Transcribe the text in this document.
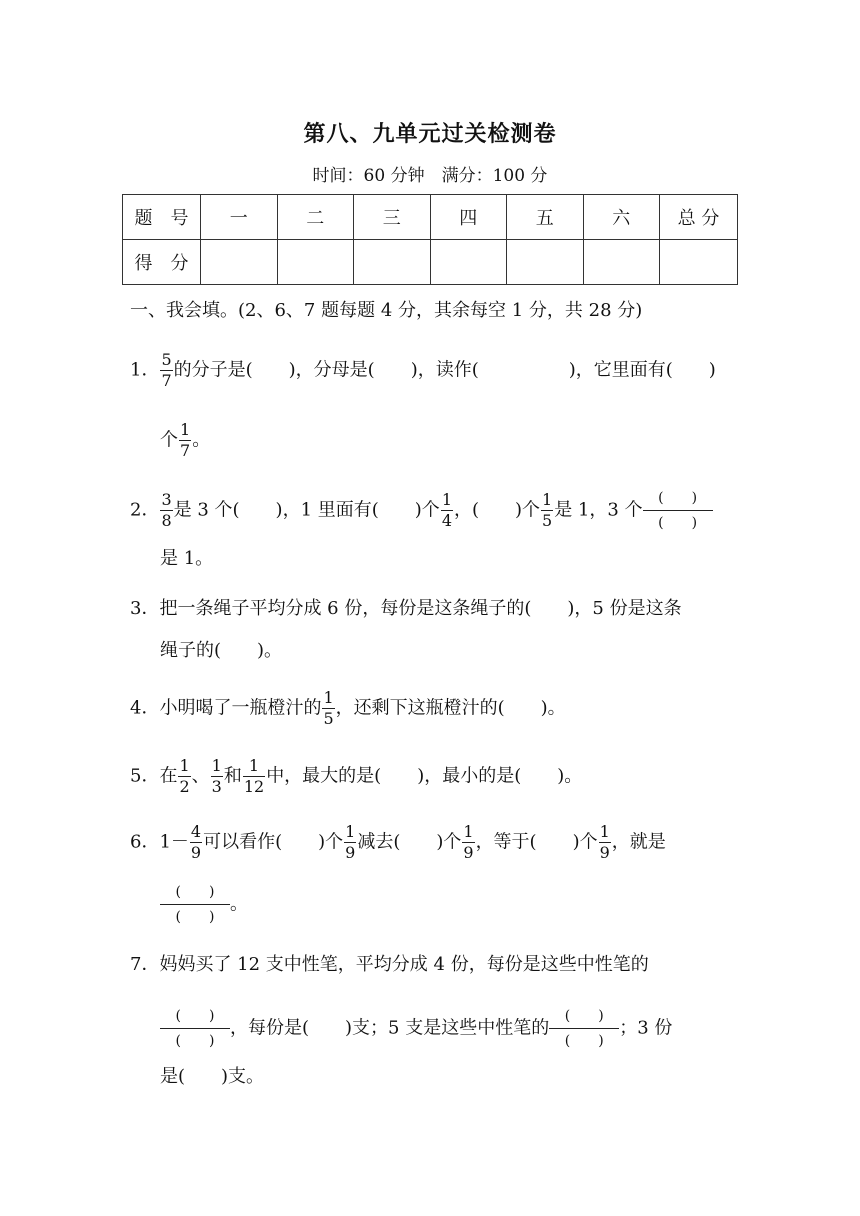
第八、九单元过关检测卷
时间：60 分钟　满分：100 分
题　号	一	二	三	四	五	六	总 分
得　分							
一、我会填。(2、6、7 题每题 4 分，其余每空 1 分，共 28 分)
1． $\frac{5}{7}$ 的分子是(　　)，分母是(　　)，读作(　　　　　)，它里面有(　　)
个 $\frac{1}{7}$ 。
2． $\frac{3}{8}$ 是 3 个(　　)，1 里面有(　　)个 $\frac{1}{4}$ ，(　　)个 $\frac{1}{5}$ 是 1，3 个 $\frac{( )}{( )}$
是 1。
3．把一条绳子平均分成 6 份，每份是这条绳子的(　　)，5 份是这条
绳子的(　　)。
4．小明喝了一瓶橙汁的 $\frac{1}{5}$ ，还剩下这瓶橙汁的(　　)。
5．在 $\frac{1}{2}$ 、 $\frac{1}{3}$ 和 $\frac{1}{12}$ 中，最大的是(　　)，最小的是(　　)。
6．$1- \frac{4}{9}$ 可以看作(　　)个 $\frac{1}{9}$ 减去(　　)个 $\frac{1}{9}$ ，等于(　　)个 $\frac{1}{9}$ ，就是
$\frac{( )}{( )}$ 。
7．妈妈买了 12 支中性笔，平均分成 4 份，每份是这些中性笔的
$\frac{( )}{( )}$ ，每份是(　　)支；5 支是这些中性笔的 $\frac{( )}{( )}$ ；3 份
是(　　)支。
